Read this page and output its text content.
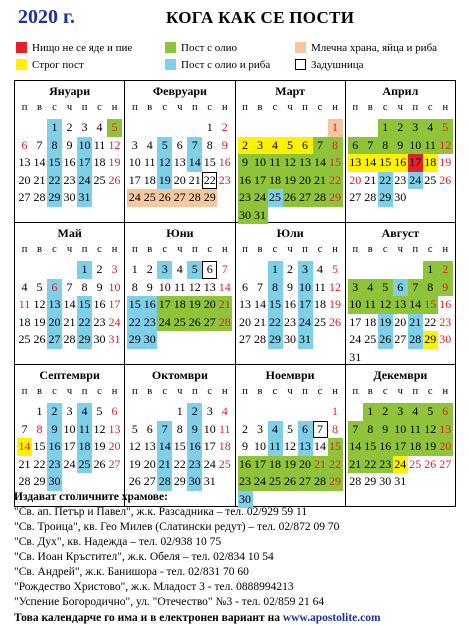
2020 г.	КОГА КАК СЕ ПОСТИ
Нищо не се яде и пие
Строг пост
Пост с олио
Пост с олио и риба
Млечна храна, яйца и риба
Задушница
Януари
п в с ч п с н
1 2 3 4 5
6 7 8 9 10 11 12
13 14 15 16 17 18 19
20 21 22 23 24 25 26
27 28 29 30 31
Февруари
п в с ч п с н
1 2
3 4 5 6 7 8 9
10 11 12 13 14 15 16
17 18 19 20 21 22 23
24 25 26 27 28 29
Март
п в с ч п с н
1
2 3 4 5 6 7 8
9 10 11 12 13 14 15
16 17 18 19 20 21 22
23 24 25 26 27 28 29
30 31
Април
п в с ч п с н
1 2 3 4 5
6 7 8 9 10 11 12
13 14 15 16 17 18 19
20 21 22 23 24 25 26
27 28 29 30
Май
п в с ч п с н
1 2 3
4 5 6 7 8 9 10
11 12 13 14 15 16 17
18 19 20 21 22 23 24
25 26 27 28 29 30 31
Юни
п в с ч п с н
1 2 3 4 5 6 7
8 9 10 11 12 13 14
15 16 17 18 19 20 21
22 23 24 25 26 27 28
29 30
Юли
п в с ч п с н
1 2 3 4 5
6 7 8 9 10 11 12
13 14 15 16 17 18 19
20 21 22 23 24 25 26
27 28 29 30 31
Август
п в с ч п с н
1 2
3 4 5 6 7 8 9
10 11 12 13 14 15 16
17 18 19 20 21 22 23
24 25 26 27 28 29 30
31
Септември
п в с ч п с н
1 2 3 4 5 6
7 8 9 10 11 12 13
14 15 16 17 18 19 20
21 22 23 24 25 26 27
28 29 30
Октомври
п в с ч п с н
1 2 3 4
5 6 7 8 9 10 11
12 13 14 15 16 17 18
19 20 21 22 23 24 25
26 27 28 29 30 31
Ноември
п в с ч п с н
1
2 3 4 5 6 7 8
9 10 11 12 13 14 15
16 17 18 19 20 21 22
23 24 25 26 27 28 29
30
Декември
п в с ч п с н
1 2 3 4 5 6
7 8 9 10 11 12 13
14 15 16 17 18 19 20
21 22 23 24 25 26 27
28 29 30 31
Издават столичните храмове:
"Св. ап. Петър и Павел", ж.к. Разсадника – тел. 02/929 59 11
"Св. Троица", кв. Гео Милев (Слатински редут) – тел. 02/872 09 70
"Св. Дух", кв. Надежда – тел. 02/938 10 75
"Св. Иоан Кръстител", ж.к. Обеля – тел. 02/834 10 54
"Св. Андрей", ж.к. Банишора - тел. 02/831 70 60
"Рождество Христово", ж.к. Младост 3 - тел. 0888994213
"Успение Богородично", ул. "Отечество" №3 - тел. 02/859 21 64
Това календарче го има и в електронен вариант на www.apostolite.com
